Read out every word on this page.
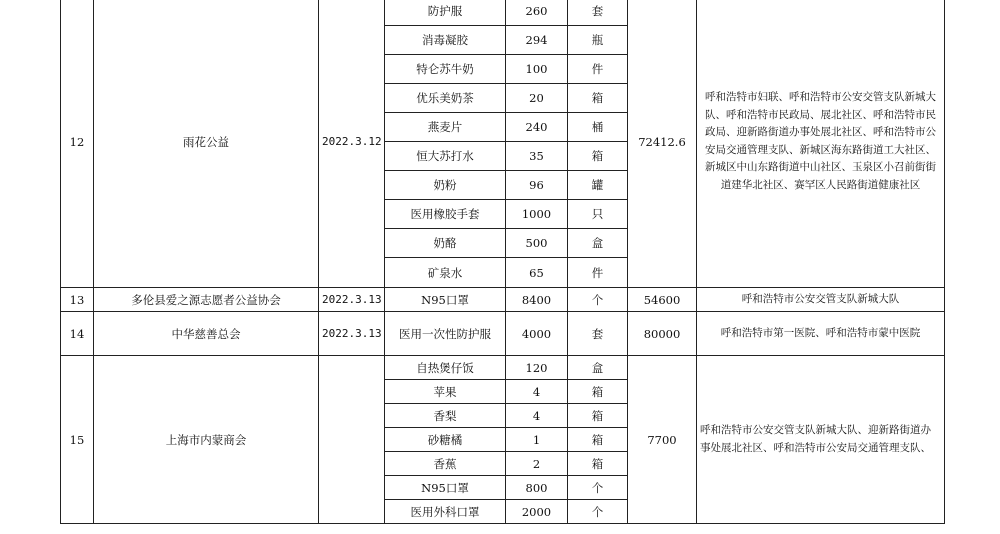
12	雨花公益	2022.3.12	防护服	260	套	72412.6	呼和浩特市妇联、呼和浩特市公安交管支队新城大队、呼和浩特市民政局、展北社区、呼和浩特市民政局、迎新路街道办事处展北社区、呼和浩特市公安局交通管理支队、新城区海东路街道工大社区、新城区中山东路街道中山社区、玉泉区小召前街街道建华北社区、赛罕区人民路街道健康社区
			消毒凝胶	294	瓶		
			特仑苏牛奶	100	件		
			优乐美奶茶	20	箱		
			燕麦片	240	桶		
			恒大苏打水	35	箱		
			奶粉	96	罐		
			医用橡胶手套	1000	只		
			奶酪	500	盒		
			矿泉水	65	件		
13	多伦县爱之源志愿者公益协会	2022.3.13	N95口罩	8400	个	54600	呼和浩特市公安交管支队新城大队
14	中华慈善总会	2022.3.13	医用一次性防护服	4000	套	80000	呼和浩特市第一医院、呼和浩特市蒙中医院
15	上海市内蒙商会		自热煲仔饭	120	盒	7700	呼和浩特市公安交管支队新城大队、迎新路街道办事处展北社区、呼和浩特市公安局交通管理支队、
			苹果	4	箱		
			香梨	4	箱		
			砂糖橘	1	箱		
			香蕉	2	箱		
			N95口罩	800	个		
			医用外科口罩	2000	个		
